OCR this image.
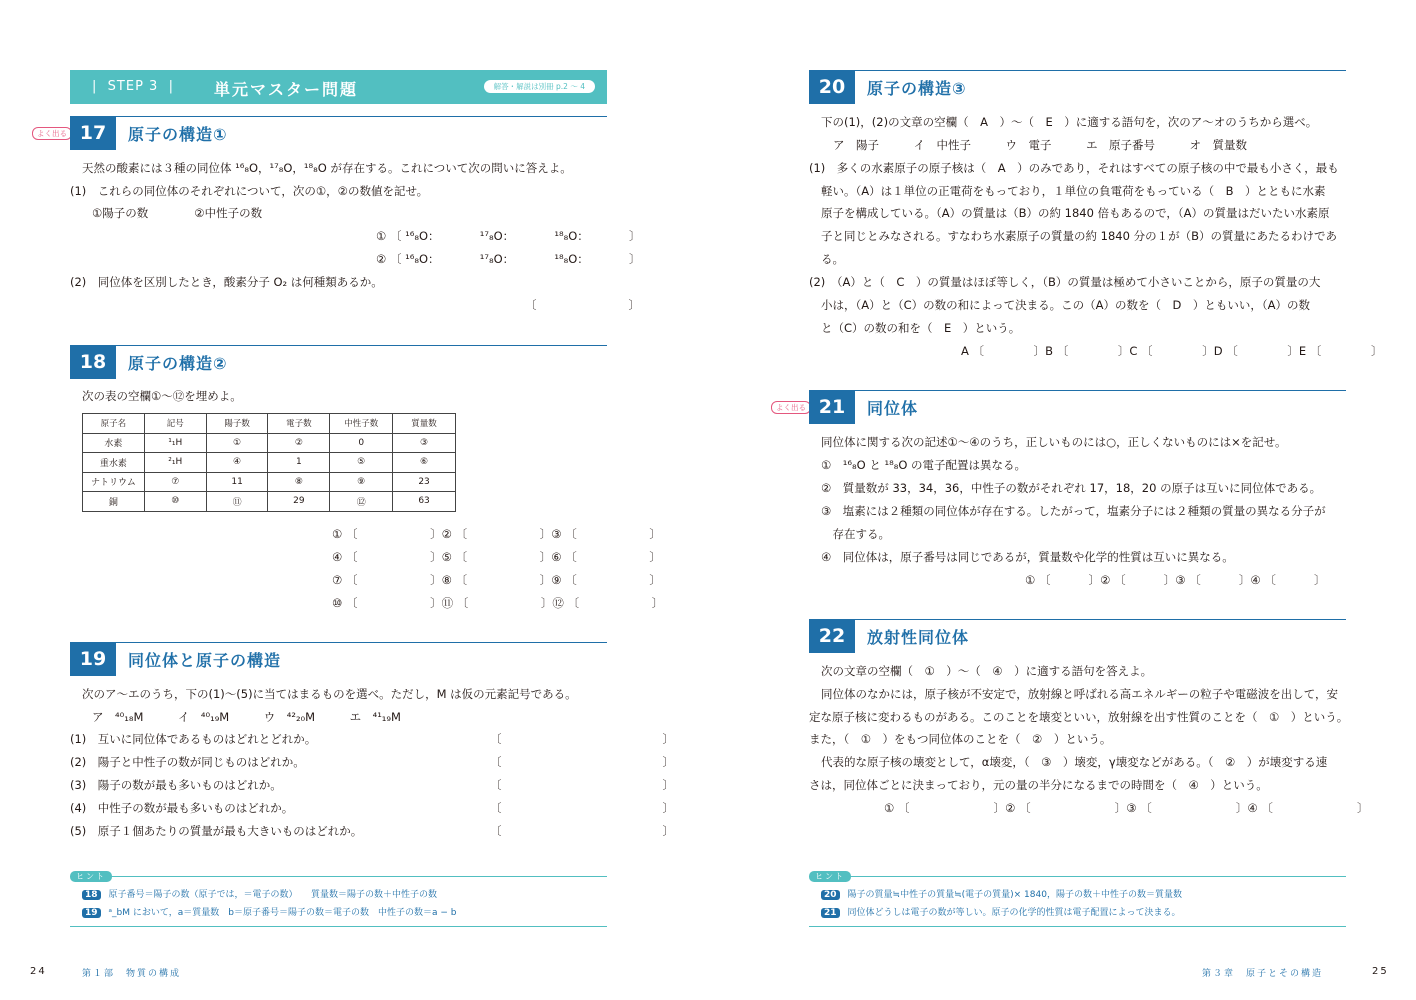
|  STEP 3  |	単元マスター問題	解答・解説は別冊 p.2 〜 4
よく出る 17	原子の構造①
天然の酸素には３種の同位体 ¹⁶₈O，¹⁷₈O，¹⁸₈O が存在する。これについて次の問いに答えよ。
(1)　これらの同位体のそれぞれについて，次の①，②の数値を記せ。
①陽子の数　　　　②中性子の数
① 〔 ¹⁶₈O：　　　　¹⁷₈O：　　　　¹⁸₈O：　　　　〕
② 〔 ¹⁶₈O：　　　　¹⁷₈O：　　　　¹⁸₈O：　　　　〕
(2)　同位体を区別したとき，酸素分子 O₂ は何種類あるか。
〔　　　　　　　　〕
18	原子の構造②
次の表の空欄①〜⑫を埋めよ。
原子名	記号	陽子数	電子数	中性子数	質量数
水素	¹₁H	①	②	0	③
重水素	²₁H	④	1	⑤	⑥
ナトリウム	⑦	11	⑧	⑨	23
銅	⑩	⑪	29	⑫	63
① 〔　　　　　　 〕② 〔　　　　　　 〕③ 〔　　　　　　 〕
④ 〔　　　　　　 〕⑤ 〔　　　　　　 〕⑥ 〔　　　　　　 〕
⑦ 〔　　　　　　 〕⑧ 〔　　　　　　 〕⑨ 〔　　　　　　 〕
⑩ 〔　　　　　　 〕⑪ 〔　　　　　　 〕⑫ 〔　　　　　　 〕
19	同位体と原子の構造
次のア〜エのうち，下の(1)〜(5)に当てはまるものを選べ。ただし，M は仮の元素記号である。
ア　⁴⁰₁₈M　　　イ　⁴⁰₁₉M　　　ウ　⁴²₂₀M　　　エ　⁴¹₁₉M
(1)　互いに同位体であるものはどれとどれか。	〔　　　　　　　　　　　　　　〕
(2)　陽子と中性子の数が同じものはどれか。	〔　　　　　　　　　　　　　　〕
(3)　陽子の数が最も多いものはどれか。	〔　　　　　　　　　　　　　　〕
(4)　中性子の数が最も多いものはどれか。	〔　　　　　　　　　　　　　　〕
(5)　原子１個あたりの質量が最も大きいものはどれか。	〔　　　　　　　　　　　　　　〕
ヒント
18 原子番号＝陽子の数（原子では，＝電子の数）　　質量数＝陽子の数＋中性子の数
19 ᵃ_bM において，a＝質量数　b＝原子番号＝陽子の数＝電子の数　中性子の数＝a − b
24	第１部　物質の構成
20	原子の構造③
下の(1)，(2)の文章の空欄（　A　）〜（　E　）に適する語句を，次のア〜オのうちから選べ。
ア　陽子　　　イ　中性子　　　ウ　電子　　　エ　原子番号　　　オ　質量数
(1)　多くの水素原子の原子核は（　A　）のみであり，それはすべての原子核の中で最も小さく，最も
軽い。（A）は１単位の正電荷をもっており，１単位の負電荷をもっている（　B　）とともに水素
原子を構成している。（A）の質量は（B）の約 1840 倍もあるので，（A）の質量はだいたい水素原
子と同じとみなされる。すなわち水素原子の質量の約 1840 分の１が（B）の質量にあたるわけであ
る。
(2)　（A）と（　C　）の質量はほぼ等しく，（B）の質量は極めて小さいことから，原子の質量の大
小は，（A）と（C）の数の和によって決まる。この（A）の数を（　D　）ともいい，（A）の数
と（C）の数の和を（　E　）という。
A 〔　　　　 〕B 〔　　　　 〕C 〔　　　　 〕D 〔　　　　 〕E 〔　　　　 〕
よく出る 21	同位体
同位体に関する次の記述①〜④のうち，正しいものには○，正しくないものには×を記せ。
①　¹⁶₈O と ¹⁸₈O の電子配置は異なる。
②　質量数が 33，34，36，中性子の数がそれぞれ 17，18，20 の原子は互いに同位体である。
③　塩素には２種類の同位体が存在する。したがって，塩素分子には２種類の質量の異なる分子が
　存在する。
④　同位体は，原子番号は同じであるが，質量数や化学的性質は互いに異なる。
① 〔　　　 〕② 〔　　　 〕③ 〔　　　 〕④ 〔　　　 〕
22	放射性同位体
次の文章の空欄（　①　）〜（　④　）に適する語句を答えよ。
同位体のなかには，原子核が不安定で，放射線と呼ばれる高エネルギーの粒子や電磁波を出して，安
定な原子核に変わるものがある。このことを壊変といい，放射線を出す性質のことを（　①　）という。
また，（　①　）をもつ同位体のことを（　②　）という。
代表的な原子核の壊変として，α壊変，（　③　）壊変，γ壊変などがある。（　②　）が壊変する速
さは，同位体ごとに決まっており，元の量の半分になるまでの時間を（　④　）という。
① 〔　　　　　　　 〕② 〔　　　　　　　 〕③ 〔　　　　　　　 〕④ 〔　　　　　　　 〕
ヒント
20 陽子の質量≒中性子の質量≒(電子の質量)× 1840，陽子の数＋中性子の数＝質量数
21 同位体どうしは電子の数が等しい。原子の化学的性質は電子配置によって決まる。
第３章　原子とその構造	25
